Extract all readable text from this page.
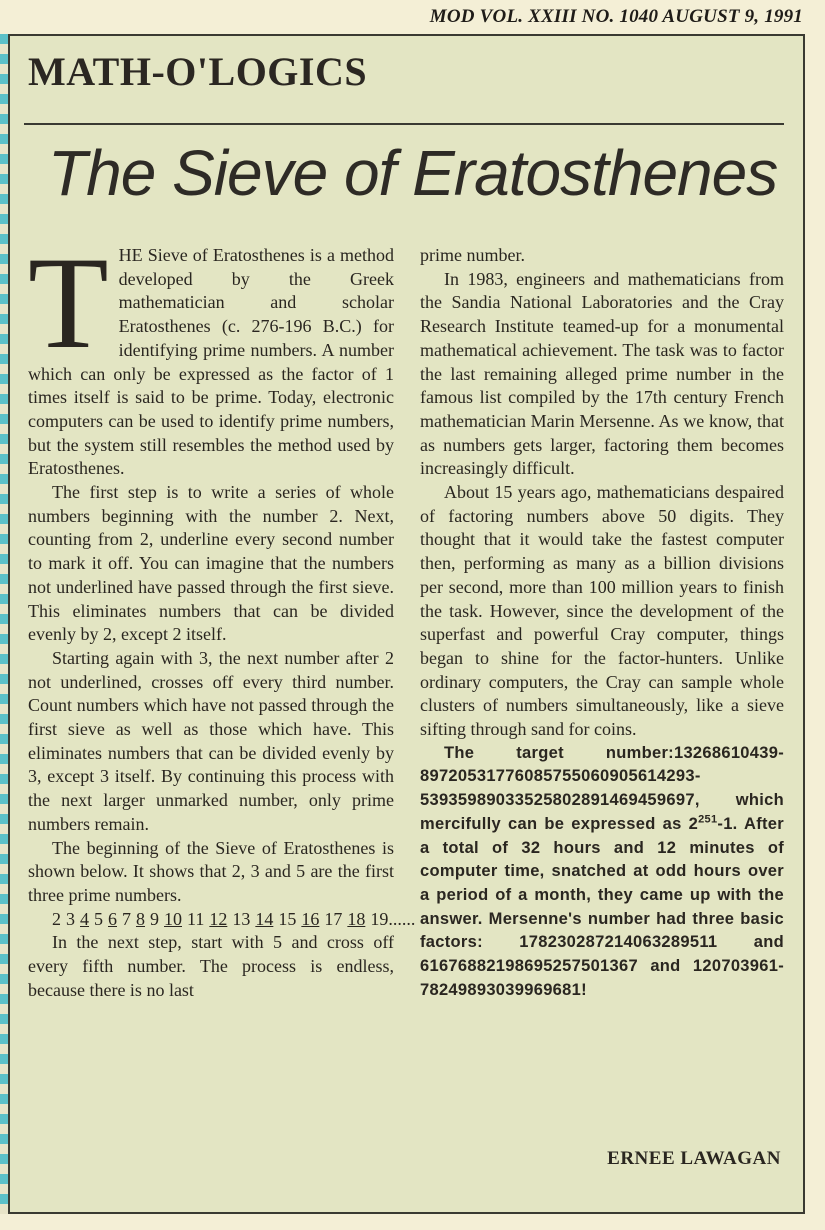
MOD VOL. XXIII NO. 1040 AUGUST 9, 1991
MATH-O'LOGICS
The Sieve of Eratosthenes

THE Sieve of Eratosthenes is a method developed by the Greek mathematician and scholar Eratosthenes (c. 276-196 B.C.) for identifying prime numbers. A number which can only be expressed as the factor of 1 times itself is said to be prime. Today, electronic computers can be used to identify prime numbers, but the system still resembles the method used by Eratosthenes.

The first step is to write a series of whole numbers beginning with the number 2. Next, counting from 2, underline every second number to mark it off. You can imagine that the numbers not underlined have passed through the first sieve. This eliminates numbers that can be divided evenly by 2, except 2 itself.

Starting again with 3, the next number after 2 not underlined, crosses off every third number. Count numbers which have not passed through the first sieve as well as those which have. This eliminates numbers that can be divided evenly by 3, except 3 itself. By continuing this process with the next larger unmarked number, only prime numbers remain.

The beginning of the Sieve of Eratosthenes is shown below. It shows that 2, 3 and 5 are the first three prime numbers.

2 3 4 5 6 7 8 9 10 11 12 13 14 15 16 17 18 19......

In the next step, start with 5 and cross off every fifth number. The process is endless, because there is no last

prime number.

In 1983, engineers and mathematicians from the Sandia National Laboratories and the Cray Research Institute teamed-up for a monumental mathematical achievement. The task was to factor the last remaining alleged prime number in the famous list compiled by the 17th century French mathematician Marin Mersenne. As we know, that as numbers gets larger, factoring them becomes increasingly difficult.

About 15 years ago, mathematicians despaired of factoring numbers above 50 digits. They thought that it would take the fastest computer then, performing as many as a billion divisions per second, more than 100 million years to finish the task. However, since the development of the superfast and powerful Cray computer, things began to shine for the factor-hunters. Unlike ordinary computers, the Cray can sample whole clusters of numbers simultaneously, like a sieve sifting through sand for coins.

The target number:13268610439-89720531776085755060905614293-53935989033525802891469459697, which mercifully can be expressed as $2^{251}-1$. After a total of 32 hours and 12 minutes of computer time, snatched at odd hours over a period of a month, they came up with the answer. Mersenne's number had three basic factors: 178230287214063289511 and 61676882198695257501367 and 120703961-78249893039969681!

ERNEE LAWAGAN
